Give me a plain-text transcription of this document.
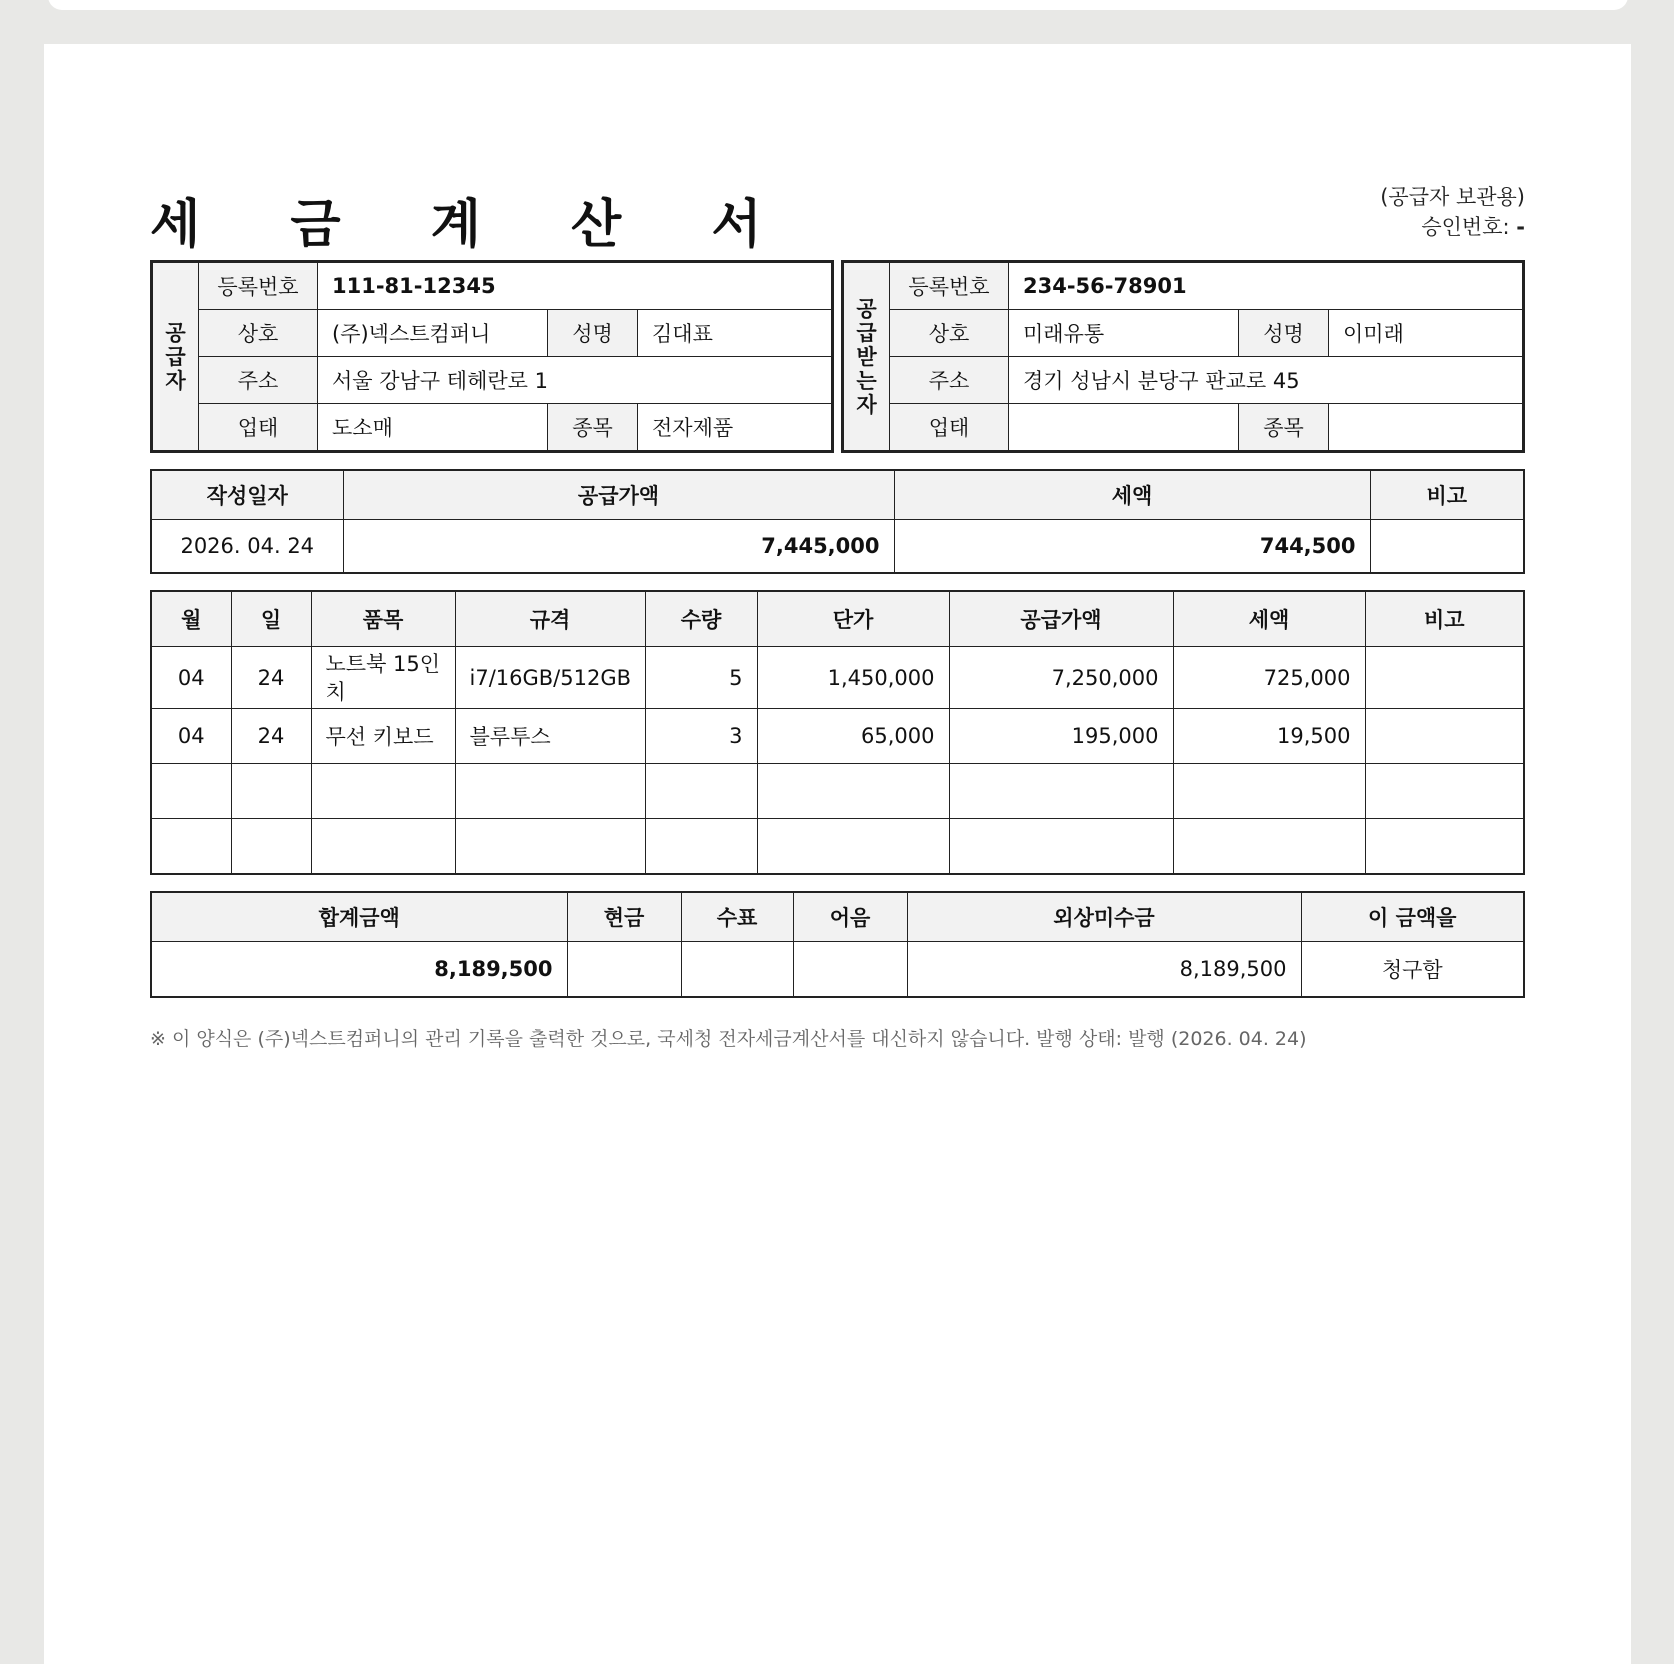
세 금 계 산 서	(공급자 보관용)
승인번호: -
공
급
자	등록번호	111-81-12345		
	상호	(주)넥스트컴퍼니	성명	김대표
	주소	서울 강남구 테헤란로 1		
	업태	도소매	종목	전자제품
공
급
받
는
자	등록번호	234-56-78901		
	상호	미래유통	성명	이미래
	주소	경기 성남시 분당구 판교로 45		
	업태		종목	
작성일자	공급가액	세액	비고
2026. 04. 24	7,445,000	744,500	
월	일	품목	규격	수량	단가	공급가액	세액	비고
04	24	노트북 15인치	i7/16GB/512GB	5	1,450,000	7,250,000	725,000	
04	24	무선 키보드	블루투스	3	65,000	195,000	19,500	

합계금액	현금	수표	어음	외상미수금	이 금액을
8,189,500				8,189,500	청구함
※ 이 양식은 (주)넥스트컴퍼니의 관리 기록을 출력한 것으로, 국세청 전자세금계산서를 대신하지 않습니다. 발행 상태: 발행 (2026. 04. 24)
